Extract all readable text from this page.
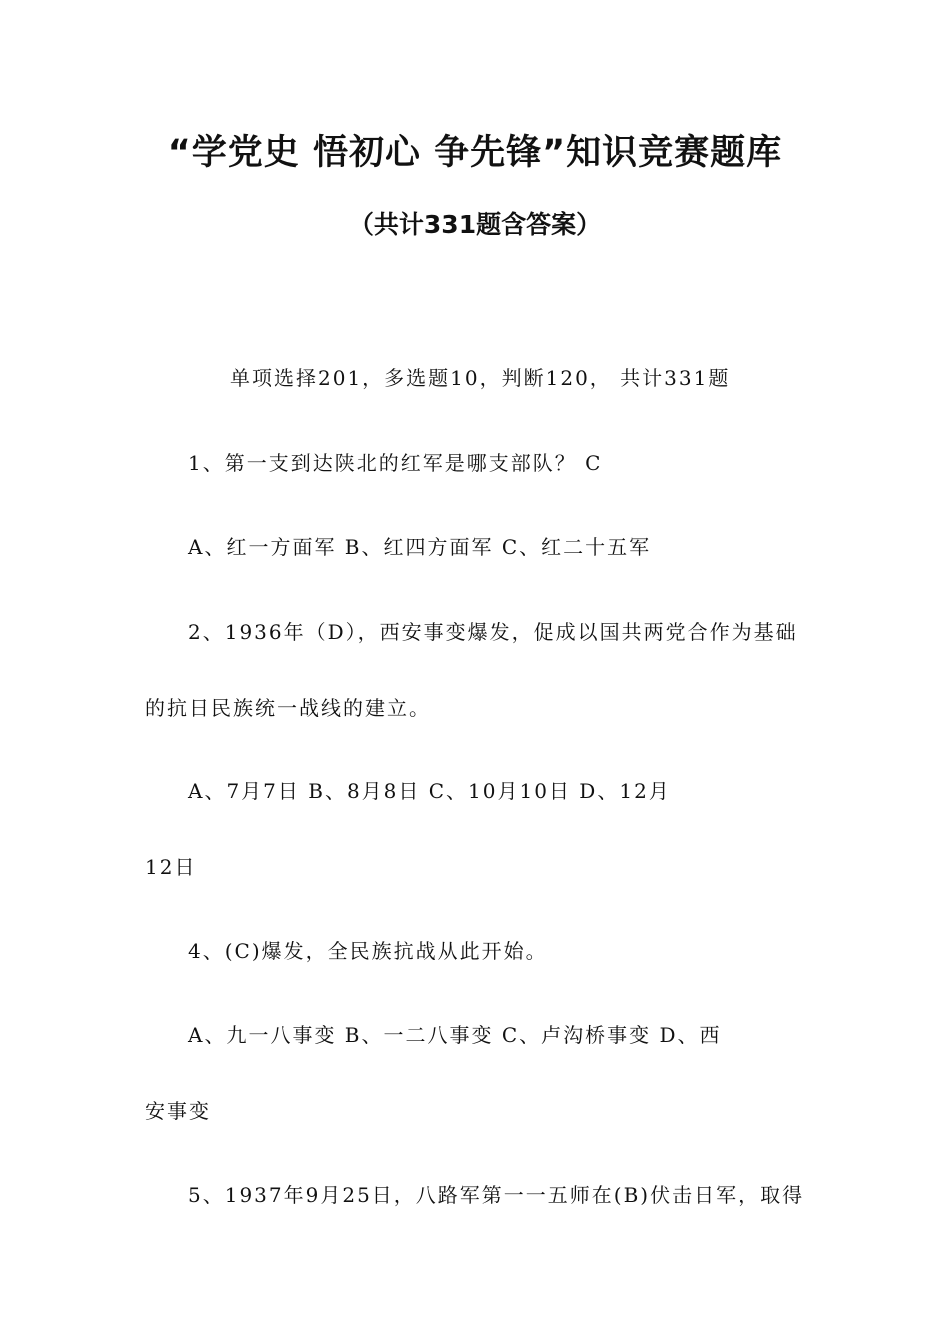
“学党史 悟初心 争先锋”知识竞赛题库
（共计331题含答案）
单项选择201，多选题10，判断120， 共计331题
1、第一支到达陕北的红军是哪支部队？ C
A、红一方面军 B、红四方面军 C、红二十五军
2、1936年（D），西安事变爆发，促成以国共两党合作为基础
的抗日民族统一战线的建立。
A、7月7日 B、8月8日 C、10月10日 D、12月
12日
4、(C)爆发，全民族抗战从此开始。
A、九一八事变 B、一二八事变 C、卢沟桥事变 D、西
安事变
5、1937年9月25日，八路军第一一五师在(B)伏击日军，取得
